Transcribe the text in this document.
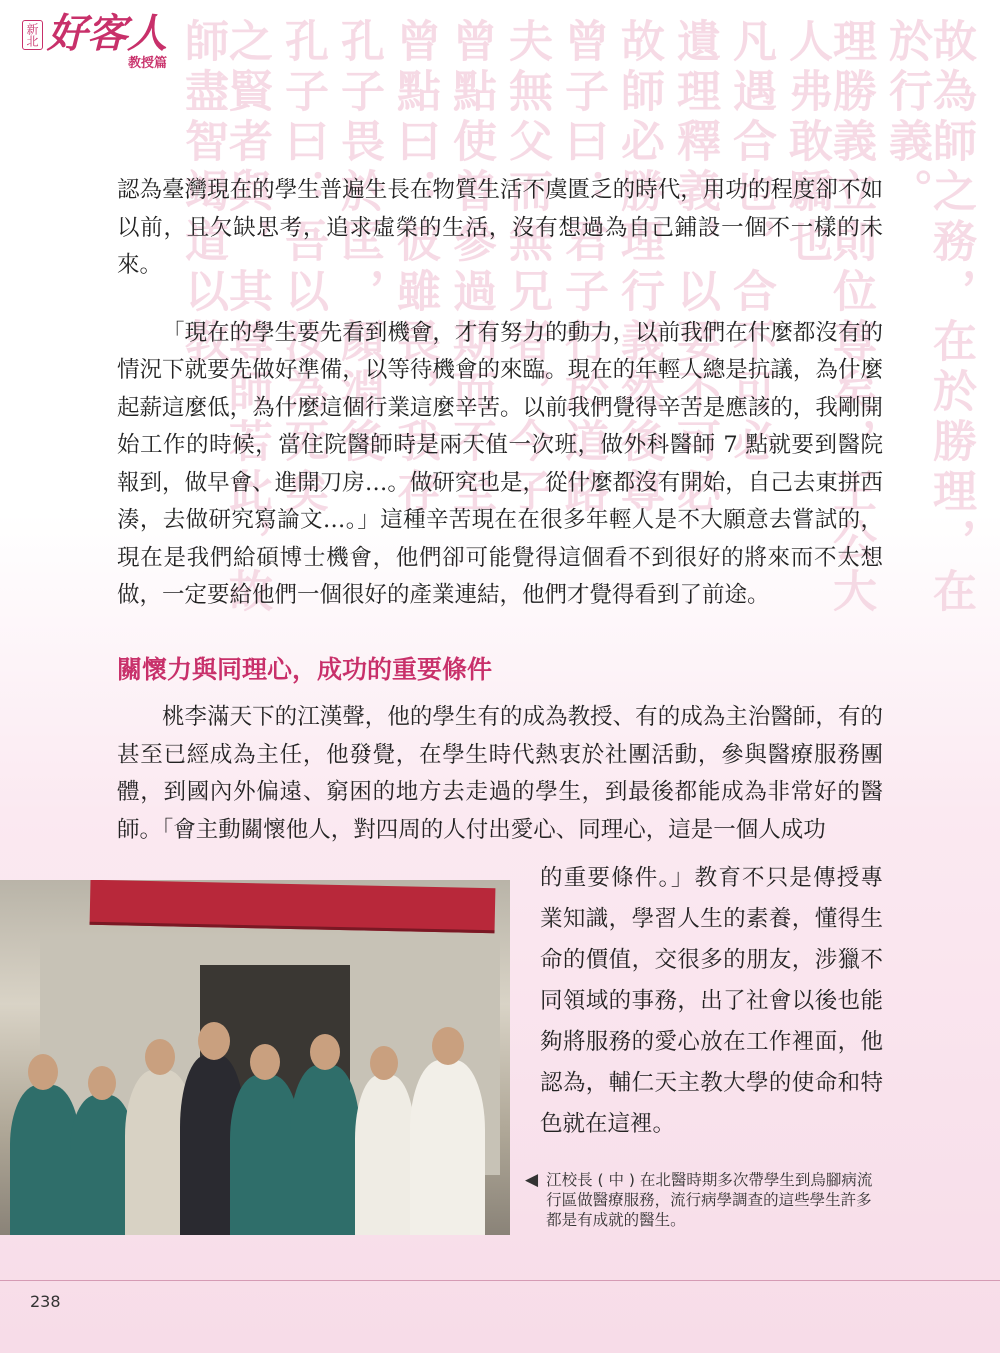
故為師之務，在於勝理，在於行義。
理勝義立則位尊矣，王公大人弗敢驕也
凡遇合也，合不可必
遺理釋義，以要不可必
故師必勝理行義然後尊
曾子曰：君子行於道路
夫無父而無兄者，今子
曾點使曾參過期而不至
曾點曰：彼雖畏，我存
孔子畏於匡，顏淵後
孔子曰：吾以汝為死矣
之賢者與，其尊師若此，故師盡智竭道以教
新北 好客人
教授篇

認為臺灣現在的學生普遍生長在物質生活不虞匱乏的時代，用功的程度卻不如以前，且欠缺思考，追求虛榮的生活，沒有想過為自己鋪設一個不一樣的未來。

「現在的學生要先看到機會，才有努力的動力，以前我們在什麼都沒有的情況下就要先做好準備，以等待機會的來臨。現在的年輕人總是抗議，為什麼起薪這麼低，為什麼這個行業這麼辛苦。以前我們覺得辛苦是應該的，我剛開始工作的時候，當住院醫師時是兩天值一次班，做外科醫師 7 點就要到醫院報到，做早會、進開刀房…。做研究也是，從什麼都沒有開始，自己去東拼西湊，去做研究寫論文…。」這種辛苦現在在很多年輕人是不大願意去嘗試的，現在是我們給碩博士機會，他們卻可能覺得這個看不到很好的將來而不太想做，一定要給他們一個很好的產業連結，他們才覺得看到了前途。

關懷力與同理心，成功的重要條件

桃李滿天下的江漢聲，他的學生有的成為教授、有的成為主治醫師，有的甚至已經成為主任，他發覺，在學生時代熱衷於社團活動，參與醫療服務團體，到國內外偏遠、窮困的地方去走過的學生，到最後都能成為非常好的醫師。「會主動關懷他人，對四周的人付出愛心、同理心，這是一個人成功

的重要條件。」教育不只是傳授專業知識，學習人生的素養，懂得生命的價值，交很多的朋友，涉獵不同領域的事務，出了社會以後也能夠將服務的愛心放在工作裡面，他認為，輔仁天主教大學的使命和特色就在這裡。

◀ 江校長 ( 中 ) 在北醫時期多次帶學生到烏腳病流行區做醫療服務，流行病學調查的這些學生許多都是有成就的醫生。
238
